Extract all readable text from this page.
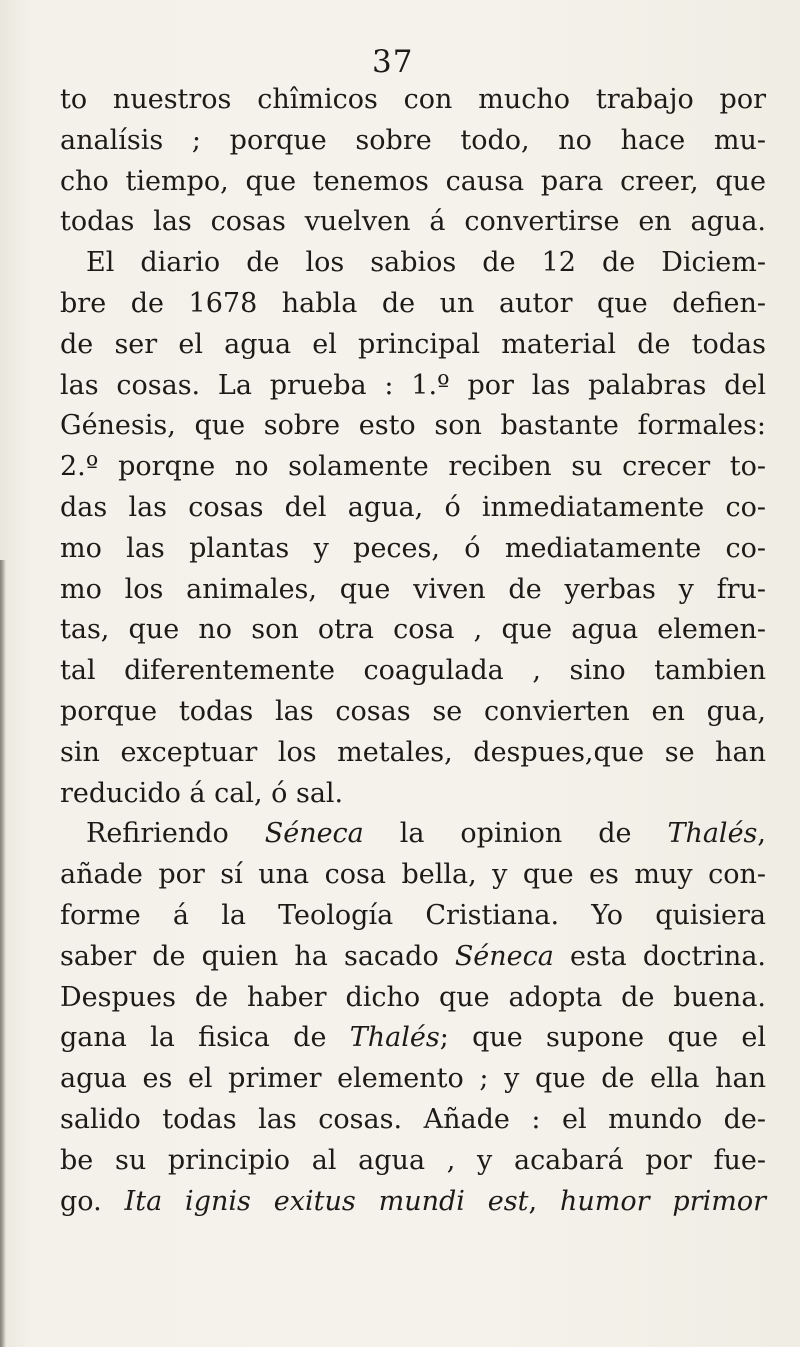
37
to nuestros chîmicos con mucho trabajo por
analísis ; porque sobre todo, no hace mu-
cho tiempo, que tenemos causa para creer, que
todas las cosas vuelven á convertirse en agua.
El diario de los sabios de 12 de Diciem-
bre de 1678 habla de un autor que defien-
de ser el agua el principal material de todas
las cosas. La prueba : 1.º por las palabras del
Génesis, que sobre esto son bastante formales:
2.º porqne no solamente reciben su crecer to-
das las cosas del agua, ó inmediatamente co-
mo las plantas y peces, ó mediatamente co-
mo los animales, que viven de yerbas y fru-
tas, que no son otra cosa , que agua elemen-
tal diferentemente coagulada , sino tambien
porque todas las cosas se convierten en gua,
sin exceptuar los metales, despues,que se han
reducido á cal, ó sal.
Refiriendo Séneca la opinion de Thalés,
añade por sí una cosa bella, y que es muy con-
forme á la Teología Cristiana. Yo quisiera
saber de quien ha sacado Séneca esta doctrina.
Despues de haber dicho que adopta de buena.
gana la fisica de Thalés; que supone que el
agua es el primer elemento ; y que de ella han
salido todas las cosas. Añade : el mundo de-
be su principio al agua , y acabará por fue-
go. Ita ignis exitus mundi est, humor primor
